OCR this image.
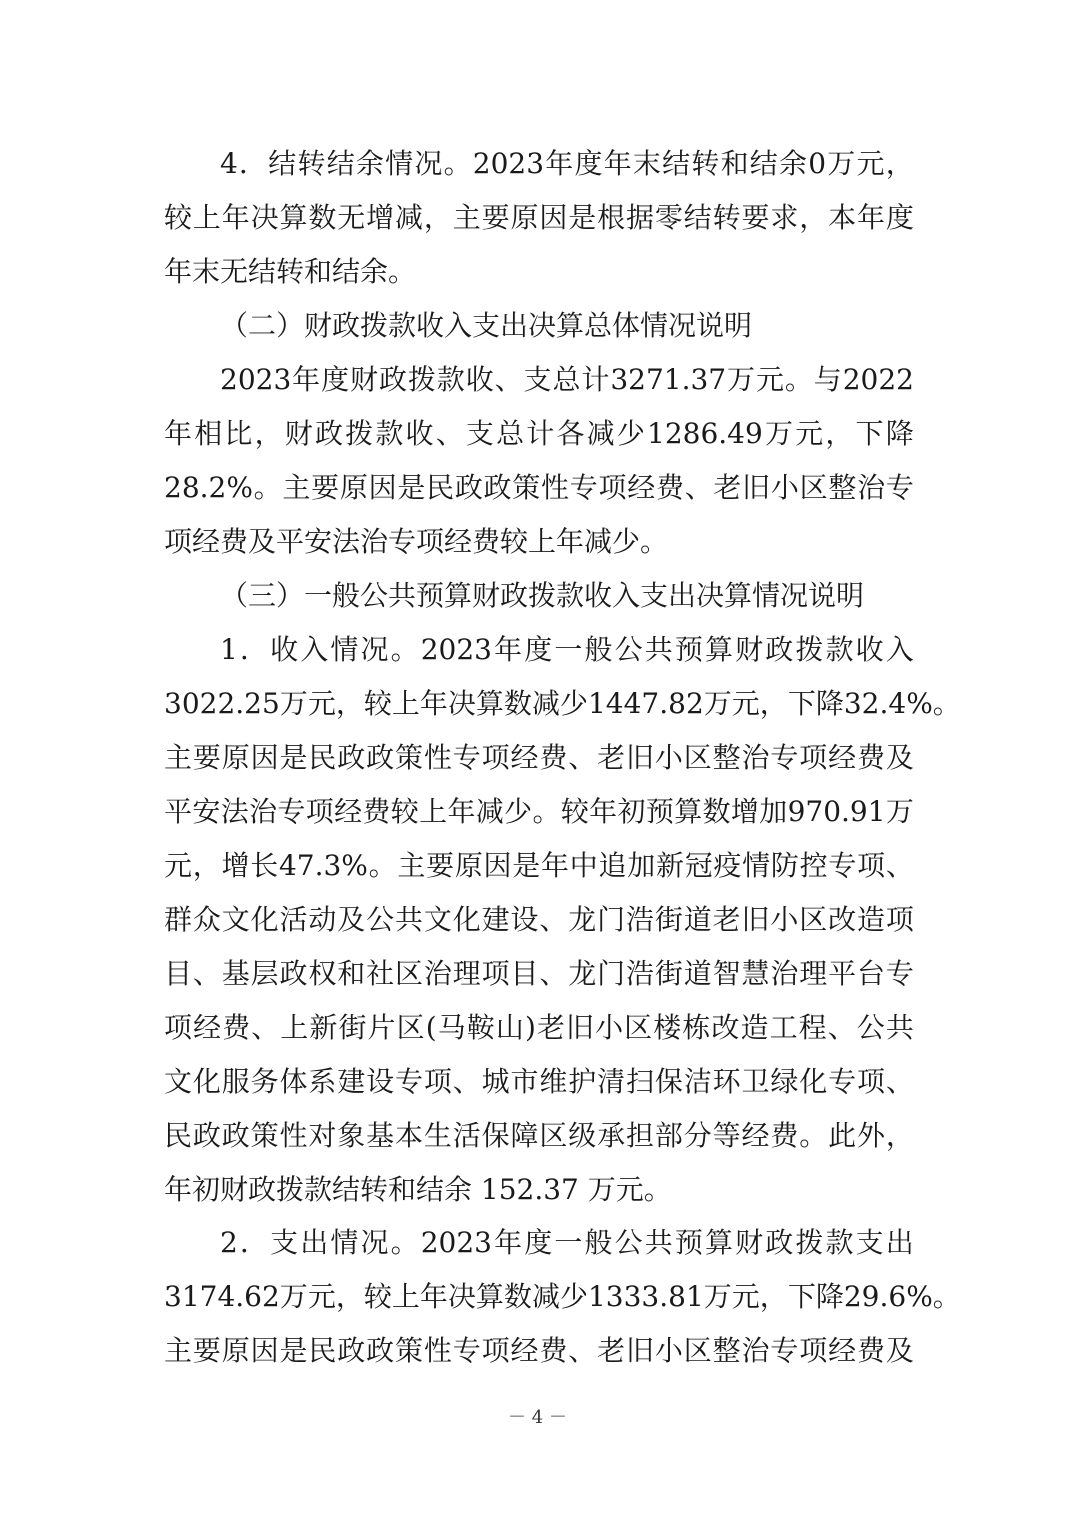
4 ． 结 转 结 余 情 况 。 2023 年 度 年 末 结 转 和 结 余 0 万 元 ，
较 上 年 决 算 数 无 增 减 ， 主 要 原 因 是 根 据 零 结 转 要 求 ， 本 年 度
年末无结转和结余。
（二）财政拨款收入支出决算总体情况说明
2023 年 度 财 政 拨 款 收 、 支 总 计 3271.37 万 元 。 与 2022
年 相 比 ， 财 政 拨 款 收 、 支 总 计 各 减 少 1286.49 万 元 ， 下 降
28.2% 。 主 要 原 因 是 民 政 政 策 性 专 项 经 费 、 老 旧 小 区 整 治 专
项经费及平安法治专项经费较上年减少。
（三）一般公共预算财政拨款收入支出决算情况说明
1 ． 收 入 情 况 。 2023 年 度 一 般 公 共 预 算 财 政 拨 款 收 入
3022.25 万 元 ， 较 上 年 决 算 数 减 少 1447.82 万 元 ， 下 降 32.4% 。
主 要 原 因 是 民 政 政 策 性 专 项 经 费 、 老 旧 小 区 整 治 专 项 经 费 及
平 安 法 治 专 项 经 费 较 上 年 减 少 。 较 年 初 预 算 数 增 加 970.91 万
元 ， 增 长 47.3% 。 主 要 原 因 是 年 中 追 加 新 冠 疫 情 防 控 专 项 、
群 众 文 化 活 动 及 公 共 文 化 建 设 、 龙 门 浩 街 道 老 旧 小 区 改 造 项
目 、 基 层 政 权 和 社 区 治 理 项 目 、 龙 门 浩 街 道 智 慧 治 理 平 台 专
项 经 费 、 上 新 街 片 区 ( 马 鞍 山 ) 老 旧 小 区 楼 栋 改 造 工 程 、 公 共
文 化 服 务 体 系 建 设 专 项 、 城 市 维 护 清 扫 保 洁 环 卫 绿 化 专 项 、
民 政 政 策 性 对 象 基 本 生 活 保 障 区 级 承 担 部 分 等 经 费 。 此 外 ，
年初财政拨款结转和结余 152.37 万元。
2 ． 支 出 情 况 。 2023 年 度 一 般 公 共 预 算 财 政 拨 款 支 出
3174.62 万 元 ， 较 上 年 决 算 数 减 少 1333.81 万 元 ， 下 降 29.6% 。
主 要 原 因 是 民 政 政 策 性 专 项 经 费 、 老 旧 小 区 整 治 专 项 经 费 及
－ 4 －
